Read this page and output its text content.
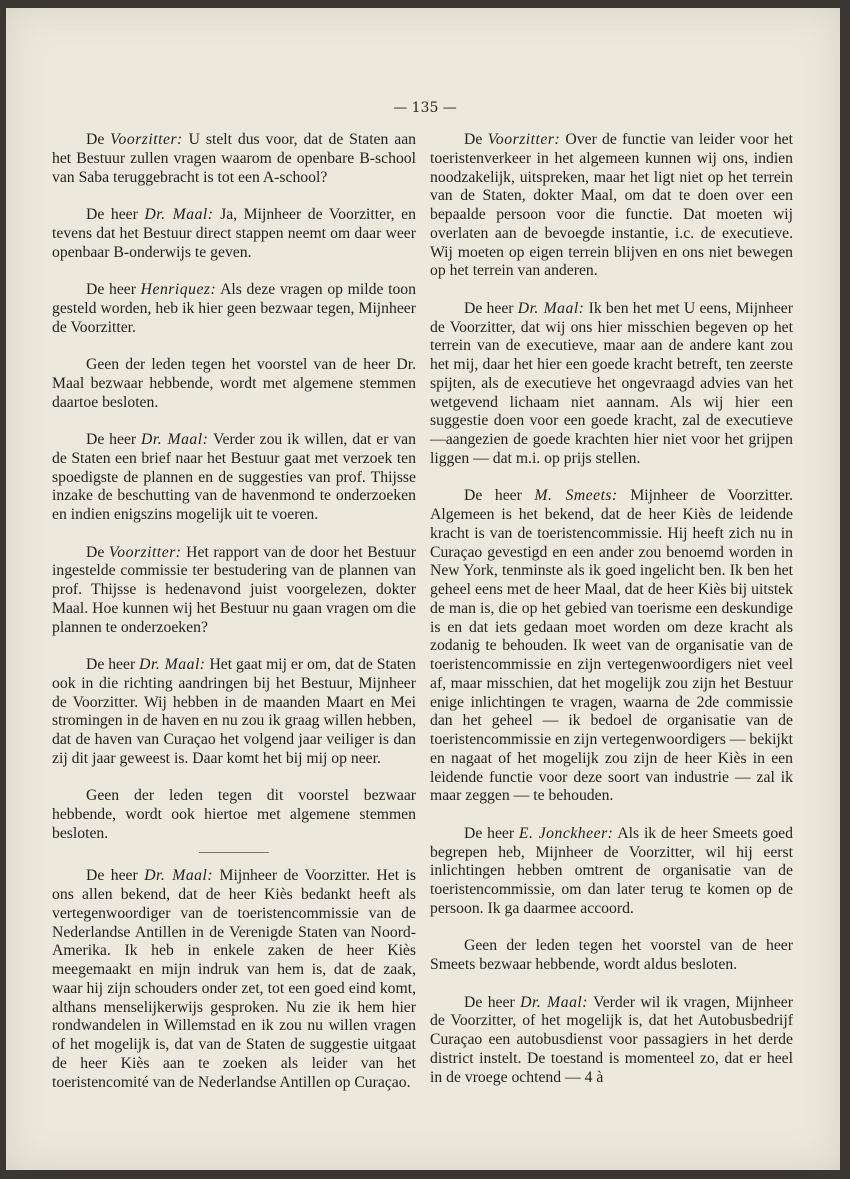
— 135 —

De Voorzitter: U stelt dus voor, dat de Staten aan het Bestuur zullen vragen waarom de openbare B-school van Saba teruggebracht is tot een A-school?

De heer Dr. Maal: Ja, Mijnheer de Voorzitter, en tevens dat het Bestuur direct stappen neemt om daar weer openbaar B-onderwijs te geven.

De heer Henriquez: Als deze vragen op milde toon gesteld worden, heb ik hier geen bezwaar tegen, Mijnheer de Voorzitter.

Geen der leden tegen het voorstel van de heer Dr. Maal bezwaar hebbende, wordt met algemene stemmen daartoe besloten.

De heer Dr. Maal: Verder zou ik willen, dat er van de Staten een brief naar het Bestuur gaat met verzoek ten spoedigste de plannen en de suggesties van prof. Thijsse inzake de beschutting van de havenmond te onderzoeken en indien enigszins mogelijk uit te voeren.

De Voorzitter: Het rapport van de door het Bestuur ingestelde commissie ter bestudering van de plannen van prof. Thijsse is hedenavond juist voorgelezen, dokter Maal. Hoe kunnen wij het Bestuur nu gaan vragen om die plannen te onderzoeken?

De heer Dr. Maal: Het gaat mij er om, dat de Staten ook in die richting aandringen bij het Bestuur, Mijnheer de Voorzitter. Wij hebben in de maanden Maart en Mei stromingen in de haven en nu zou ik graag willen hebben, dat de haven van Curaçao het volgend jaar veiliger is dan zij dit jaar geweest is. Daar komt het bij mij op neer.

Geen der leden tegen dit voorstel bezwaar hebbende, wordt ook hiertoe met algemene stemmen besloten.

De heer Dr. Maal: Mijnheer de Voorzitter. Het is ons allen bekend, dat de heer Kiès bedankt heeft als vertegenwoordiger van de toeristencommissie van de Nederlandse Antillen in de Verenigde Staten van Noord-Amerika. Ik heb in enkele zaken de heer Kiès meegemaakt en mijn indruk van hem is, dat de zaak, waar hij zijn schouders onder zet, tot een goed eind komt, althans menselijkerwijs gesproken. Nu zie ik hem hier rondwandelen in Willemstad en ik zou nu willen vragen of het mogelijk is, dat van de Staten de suggestie uitgaat de heer Kiès aan te zoeken als leider van het toeristencomité van de Nederlandse Antillen op Curaçao.

De Voorzitter: Over de functie van leider voor het toeristenverkeer in het algemeen kunnen wij ons, indien noodzakelijk, uitspreken, maar het ligt niet op het terrein van de Staten, dokter Maal, om dat te doen over een bepaalde persoon voor die functie. Dat moeten wij overlaten aan de bevoegde instantie, i.c. de executieve. Wij moeten op eigen terrein blijven en ons niet bewegen op het terrein van anderen.

De heer Dr. Maal: Ik ben het met U eens, Mijnheer de Voorzitter, dat wij ons hier misschien begeven op het terrein van de executieve, maar aan de andere kant zou het mij, daar het hier een goede kracht betreft, ten zeerste spijten, als de executieve het ongevraagd advies van het wetgevend lichaam niet aannam. Als wij hier een suggestie doen voor een goede kracht, zal de executieve —aangezien de goede krachten hier niet voor het grijpen liggen — dat m.i. op prijs stellen.

De heer M. Smeets: Mijnheer de Voorzitter. Algemeen is het bekend, dat de heer Kiès de leidende kracht is van de toeristencommissie. Hij heeft zich nu in Curaçao gevestigd en een ander zou benoemd worden in New York, tenminste als ik goed ingelicht ben. Ik ben het geheel eens met de heer Maal, dat de heer Kiès bij uitstek de man is, die op het gebied van toerisme een deskundige is en dat iets gedaan moet worden om deze kracht als zodanig te behouden. Ik weet van de organisatie van de toeristencommissie en zijn vertegenwoordigers niet veel af, maar misschien, dat het mogelijk zou zijn het Bestuur enige inlichtingen te vragen, waarna de 2de commissie dan het geheel — ik bedoel de organisatie van de toeristencommissie en zijn vertegenwoordigers — bekijkt en nagaat of het mogelijk zou zijn de heer Kiès in een leidende functie voor deze soort van industrie — zal ik maar zeggen — te behouden.

De heer E. Jonckheer: Als ik de heer Smeets goed begrepen heb, Mijnheer de Voorzitter, wil hij eerst inlichtingen hebben omtrent de organisatie van de toeristencommissie, om dan later terug te komen op de persoon. Ik ga daarmee accoord.

Geen der leden tegen het voorstel van de heer Smeets bezwaar hebbende, wordt aldus besloten.

De heer Dr. Maal: Verder wil ik vragen, Mijnheer de Voorzitter, of het mogelijk is, dat het Autobusbedrijf Curaçao een autobusdienst voor passagiers in het derde district instelt. De toestand is momenteel zo, dat er heel in de vroege ochtend — 4 à
